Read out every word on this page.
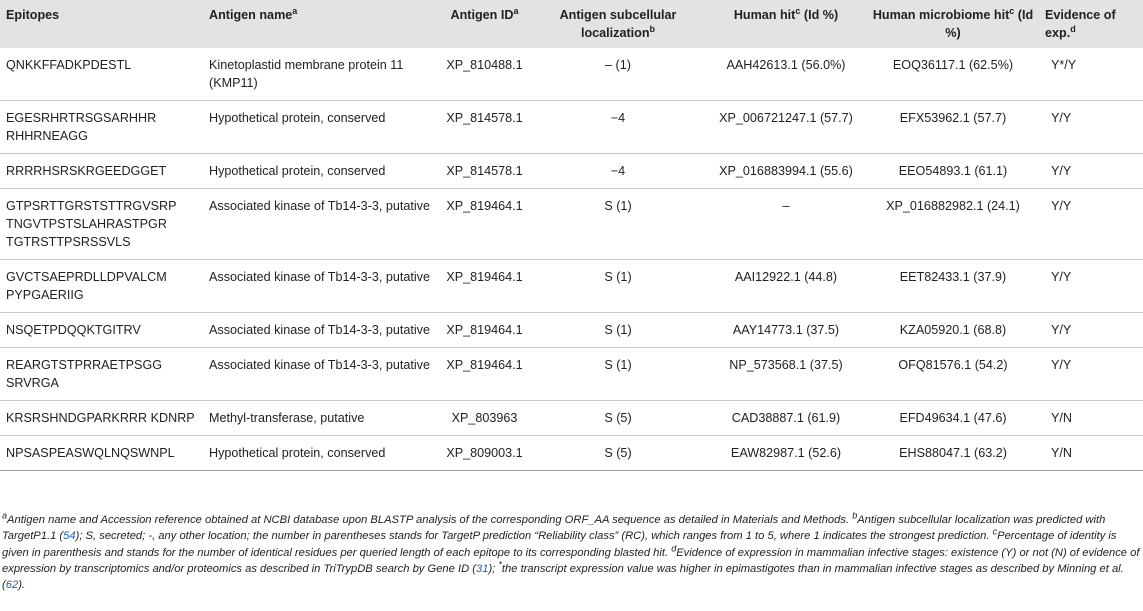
Epitopes	Antigen name$^a$	Antigen $ID^a$	Antigen subcellular localization$^b$	Human hit$^c$ (Id %)	Human microbiome hit$^c$ (Id %)	Evidence of exp.$^d$
QNKKFFADKPDESTL	Kinetoplastid membrane protein 11 (KMP11)	XP_810488.1	– (1)	AAH42613.1 (56.0%)	EOQ36117.1 (62.5%)	Y*/Y
EGESRHRTRSGSARHHR RHHRNEAGG	Hypothetical protein, conserved	XP_814578.1	−4	XP_006721247.1 (57.7)	EFX53962.1 (57.7)	Y/Y
RRRRHSRSKRGEEDGGET	Hypothetical protein, conserved	XP_814578.1	−4	XP_016883994.1 (55.6)	EEO54893.1 (61.1)	Y/Y
GTPSRTTGRSTSTTRGVSRP TNGVTPSTSLAHRASTPGR TGTRSTTPSRSSVLS	Associated kinase of Tb14-3-3, putative	XP_819464.1	S (1)	–	XP_016882982.1 (24.1)	Y/Y
GVCTSAEPRDLLDPVALCM PYPGAERIIG	Associated kinase of Tb14-3-3, putative	XP_819464.1	S (1)	AAI12922.1 (44.8)	EET82433.1 (37.9)	Y/Y
NSQETPDQQKTGITRV	Associated kinase of Tb14-3-3, putative	XP_819464.1	S (1)	AAY14773.1 (37.5)	KZA05920.1 (68.8)	Y/Y
REARGTSTPRRAETPSGG SRVRGA	Associated kinase of Tb14-3-3, putative	XP_819464.1	S (1)	NP_573568.1 (37.5)	OFQ81576.1 (54.2)	Y/Y
KRSRSHNDGPARKRRR KDNRP	Methyl-transferase, putative	XP_803963	S (5)	CAD38887.1 (61.9)	EFD49634.1 (47.6)	Y/N
NPSASPEASWQLNQSWNPL	Hypothetical protein, conserved	XP_809003.1	S (5)	EAW82987.1 (52.6)	EHS88047.1 (63.2)	Y/N
$^a$Antigen name and Accession reference obtained at NCBI database upon BLASTP analysis of the corresponding ORF_AA sequence as detailed in Materials and Methods. $^b$Antigen subcellular localization was predicted with TargetP1.1 (54); S, secreted; -, any other location; the number in parentheses stands for TargetP prediction “Reliability class” (RC), which ranges from 1 to 5, where 1 indicates the strongest prediction. $^c$Percentage of identity is given in parenthesis and stands for the number of identical residues per queried length of each epitope to its corresponding blasted hit. $^d$Evidence of expression in mammalian infective stages: existence (Y) or not (N) of evidence of expression by transcriptomics and/or proteomics as described in TriTrypDB search by Gene ID (31); *the transcript expression value was higher in epimastigotes than in mammalian infective stages as described by Minning et al. (62).
